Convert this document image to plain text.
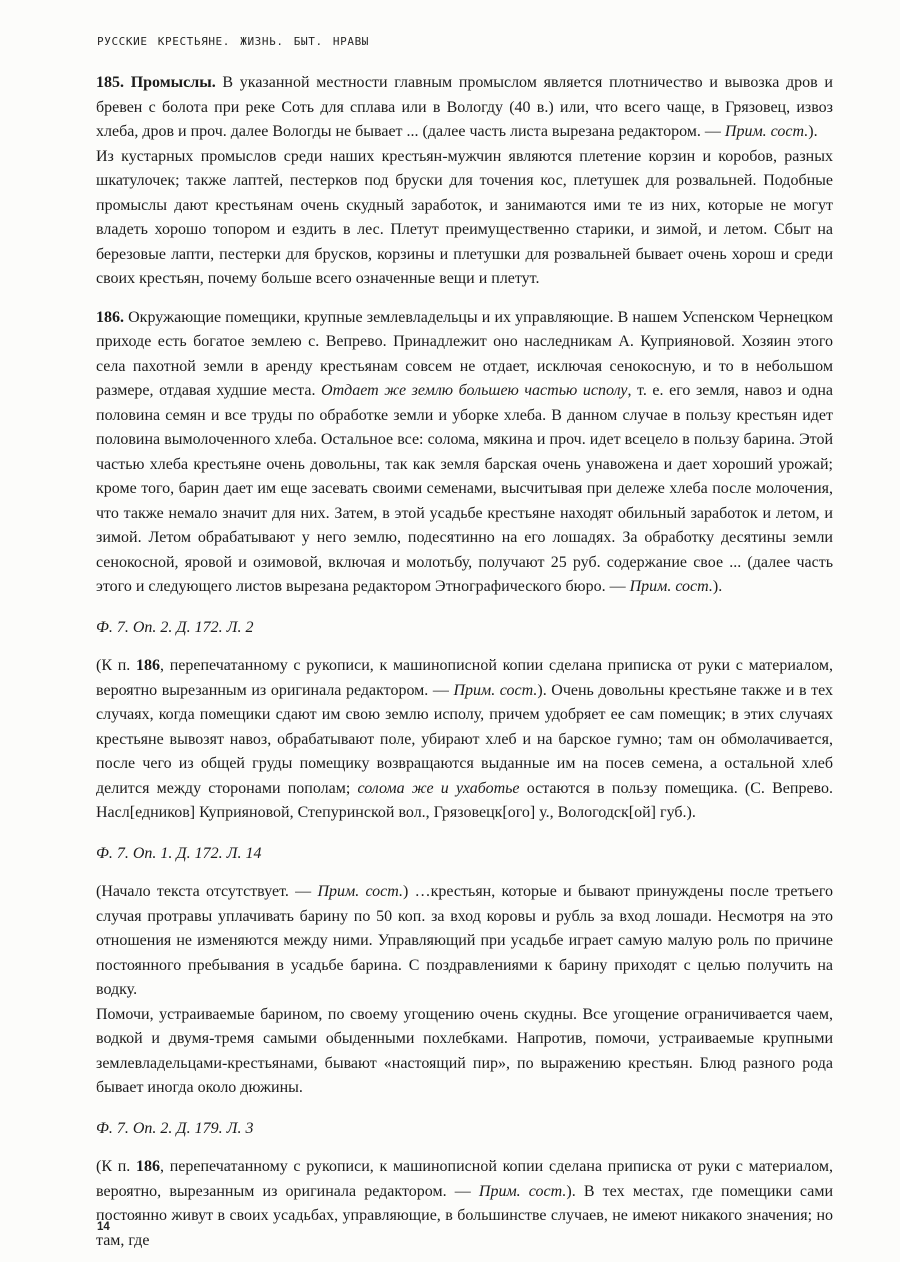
РУССКИЕ КРЕСТЬЯНЕ. ЖИЗНЬ. БЫТ. НРАВЫ

185. Промыслы. В указанной местности главным промыслом является плотничество и вывозка дров и бревен с болота при реке Соть для сплава или в Вологду (40 в.) или, что всего чаще, в Грязовец, извоз хлеба, дров и проч. далее Вологды не бывает ... (далее часть листа вырезана редактором. — Прим. сост.).

Из кустарных промыслов среди наших крестьян-мужчин являются плетение корзин и коробов, разных шкатулочек; также лаптей, пестерков под бруски для точения кос, плетушек для розвальней. Подобные промыслы дают крестьянам очень скудный заработок, и занимаются ими те из них, которые не могут владеть хорошо топором и ездить в лес. Плетут преимущественно старики, и зимой, и летом. Сбыт на березовые лапти, пестерки для брусков, корзины и плетушки для розвальней бывает очень хорош и среди своих крестьян, почему больше всего означенные вещи и плетут.

186. Окружающие помещики, крупные землевладельцы и их управляющие. В нашем Успенском Чернецком приходе есть богатое землею с. Вепрево. Принадлежит оно наследникам А. Куприяновой. Хозяин этого села пахотной земли в аренду крестьянам совсем не отдает, исключая сенокосную, и то в небольшом размере, отдавая худшие места. Отдает же землю большею частью исполу, т. е. его земля, навоз и одна половина семян и все труды по обработке земли и уборке хлеба. В данном случае в пользу крестьян идет половина вымолоченного хлеба. Остальное все: солома, мякина и проч. идет всецело в пользу барина. Этой частью хлеба крестьяне очень довольны, так как земля барская очень унавожена и дает хороший урожай; кроме того, барин дает им еще засевать своими семенами, высчитывая при дележе хлеба после молочения, что также немало значит для них. Затем, в этой усадьбе крестьяне находят обильный заработок и летом, и зимой. Летом обрабатывают у него землю, подесятинно на его лошадях. За обработку десятины земли сенокосной, яровой и озимовой, включая и молотьбу, получают 25 руб. содержание свое ... (далее часть этого и следующего листов вырезана редактором Этнографического бюро. — Прим. сост.).

Ф. 7. Оп. 2. Д. 172. Л. 2

(К п. 186, перепечатанному с рукописи, к машинописной копии сделана приписка от руки с материалом, вероятно вырезанным из оригинала редактором. — Прим. сост.). Очень довольны крестьяне также и в тех случаях, когда помещики сдают им свою землю исполу, причем удобряет ее сам помещик; в этих случаях крестьяне вывозят навоз, обрабатывают поле, убирают хлеб и на барское гумно; там он обмолачивается, после чего из общей груды помещику возвращаются выданные им на посев семена, а остальной хлеб делится между сторонами пополам; солома же и ухаботье остаются в пользу помещика. (С. Вепрево. Насл[едников] Куприяновой, Степуринской вол., Грязовецк[ого] у., Вологодск[ой] губ.).

Ф. 7. Оп. 1. Д. 172. Л. 14

(Начало текста отсутствует. — Прим. сост.) …крестьян, которые и бывают принуждены после третьего случая протравы уплачивать барину по 50 коп. за вход коровы и рубль за вход лошади. Несмотря на это отношения не изменяются между ними. Управляющий при усадьбе играет самую малую роль по причине постоянного пребывания в усадьбе барина. С поздравлениями к барину приходят с целью получить на водку.

Помочи, устраиваемые барином, по своему угощению очень скудны. Все угощение ограничивается чаем, водкой и двумя-тремя самыми обыденными похлебками. Напротив, помочи, устраиваемые крупными землевладельцами-крестьянами, бывают «настоящий пир», по выражению крестьян. Блюд разного рода бывает иногда около дюжины.

Ф. 7. Оп. 2. Д. 179. Л. 3

(К п. 186, перепечатанному с рукописи, к машинописной копии сделана приписка от руки с материалом, вероятно, вырезанным из оригинала редактором. — Прим. сост.). В тех местах, где помещики сами постоянно живут в своих усадьбах, управляющие, в большинстве случаев, не имеют никакого значения; но там, где

14
